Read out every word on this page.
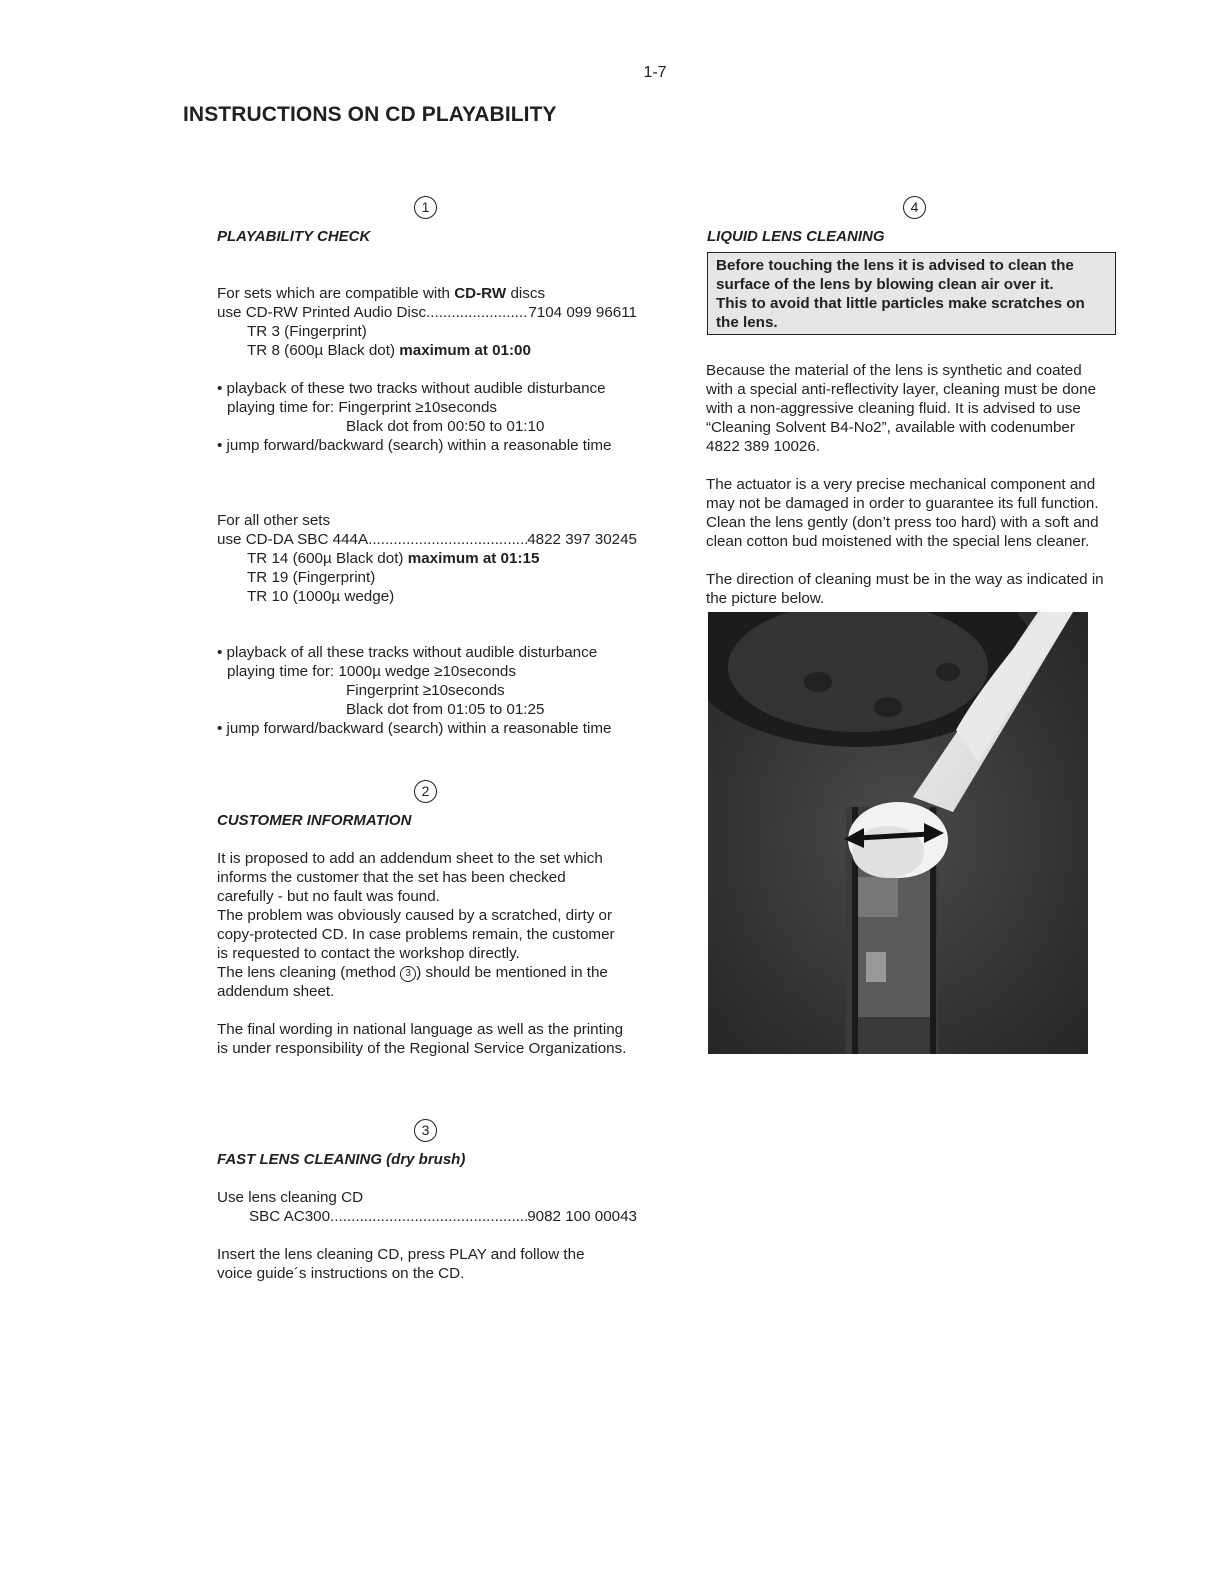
1-7
INSTRUCTIONS ON CD PLAYABILITY
1
PLAYABILITY CHECK
For sets which are compatible with CD-RW discs
use CD-RW Printed Audio Disc .....	7104 099 96611
TR 3 (Fingerprint)
TR 8 (600µ Black dot) maximum at 01:00
• playback of these two tracks without audible disturbance
playing time for: Fingerprint ≥10seconds
Black dot from 00:50 to 01:10
• jump forward/backward (search) within a reasonable time
For all other sets
use CD-DA SBC 444A .....	4822 397 30245
TR 14 (600µ Black dot) maximum at 01:15
TR 19 (Fingerprint)
TR 10 (1000µ wedge)
• playback of all these tracks without audible disturbance
playing time for: 1000µ wedge ≥10seconds
Fingerprint ≥10seconds
Black dot from 01:05 to 01:25
• jump forward/backward (search) within a reasonable time
2
CUSTOMER INFORMATION
It is proposed to add an addendum sheet to the set which
informs the customer that the set has been checked
carefully - but no fault was found.
The problem was obviously caused by a scratched, dirty or
copy-protected CD. In case problems remain, the customer
is requested to contact the workshop directly.
The lens cleaning (method 3 ) should be mentioned in the
addendum sheet.
The final wording in national language as well as the printing
is under responsibility of the Regional Service Organizations.
3
FAST LENS CLEANING (dry brush)
Use lens cleaning CD
SBC AC300 .....	9082 100 00043
Insert the lens cleaning CD, press PLAY and follow the
voice guide´s instructions on the CD.
4
LIQUID LENS CLEANING
Before touching the lens it is advised to clean the
surface of the lens by blowing clean air over it.
This to avoid that little particles make scratches on
the lens.
Because the material of the lens is synthetic and coated
with a special anti-reflectivity layer, cleaning must be done
with a non-aggressive cleaning fluid. It is advised to use
“Cleaning Solvent B4-No2”, available with codenumber
4822 389 10026.
The actuator is a very precise mechanical component and
may not be damaged in order to guarantee its full function.
Clean the lens gently (don’t press too hard) with a soft and
clean cotton bud moistened with the special lens cleaner.
The direction of cleaning must be in the way as indicated in
the picture below.
